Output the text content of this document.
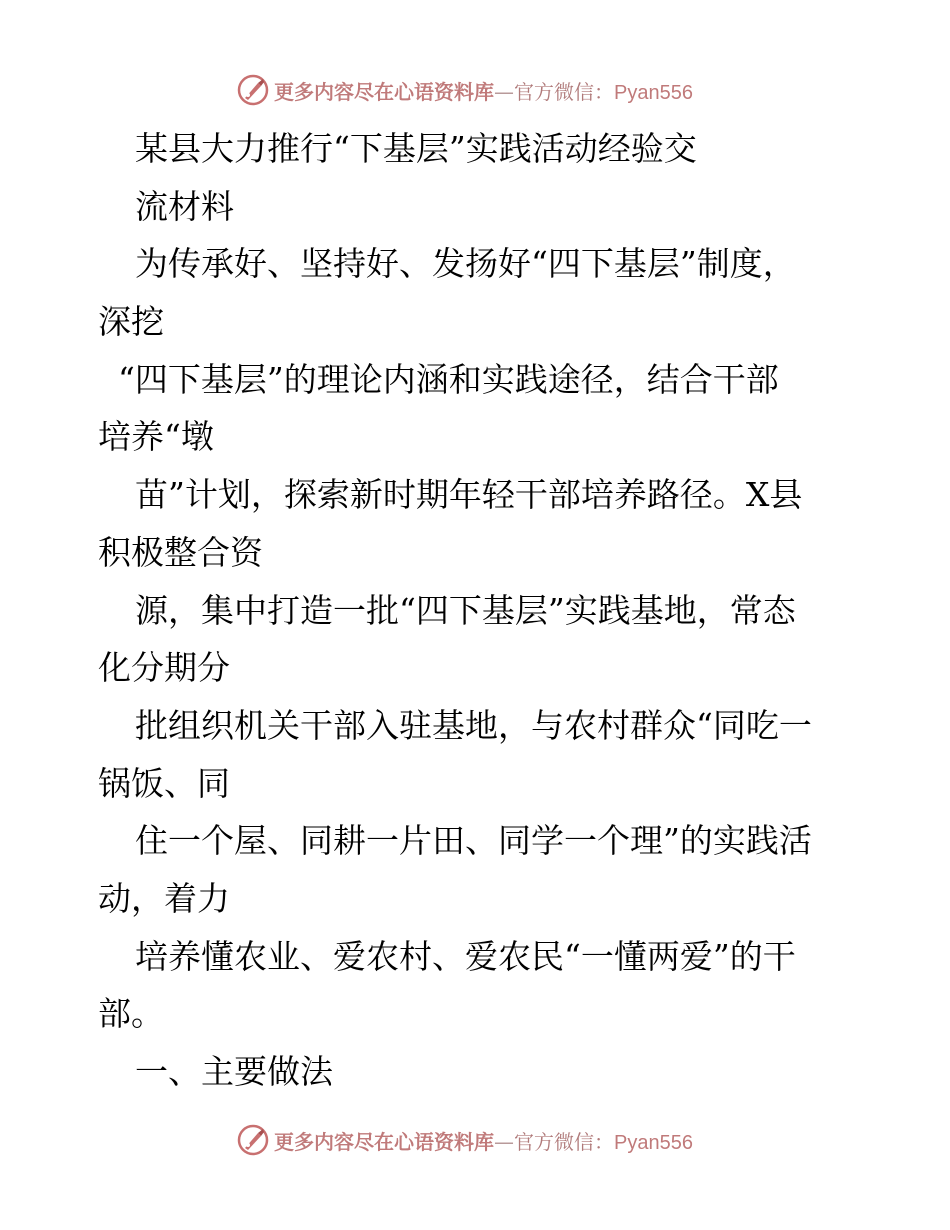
更多内容尽在心语资料库—官方微信：Pyan556
某县大力推行“下基层”实践活动经验交
流材料
为传承好、坚持好、发扬好“四下基层”制度，
深挖
“四下基层”的理论内涵和实践途径，结合干部
培养“墩
苗”计划，探索新时期年轻干部培养路径。X县
积极整合资
源，集中打造一批“四下基层”实践基地，常态
化分期分
批组织机关干部入驻基地，与农村群众“同吃一
锅饭、同
住一个屋、同耕一片田、同学一个理”的实践活
动，着力
培养懂农业、爱农村、爱农民“一懂两爱”的干
部。
一、主要做法
更多内容尽在心语资料库—官方微信：Pyan556
